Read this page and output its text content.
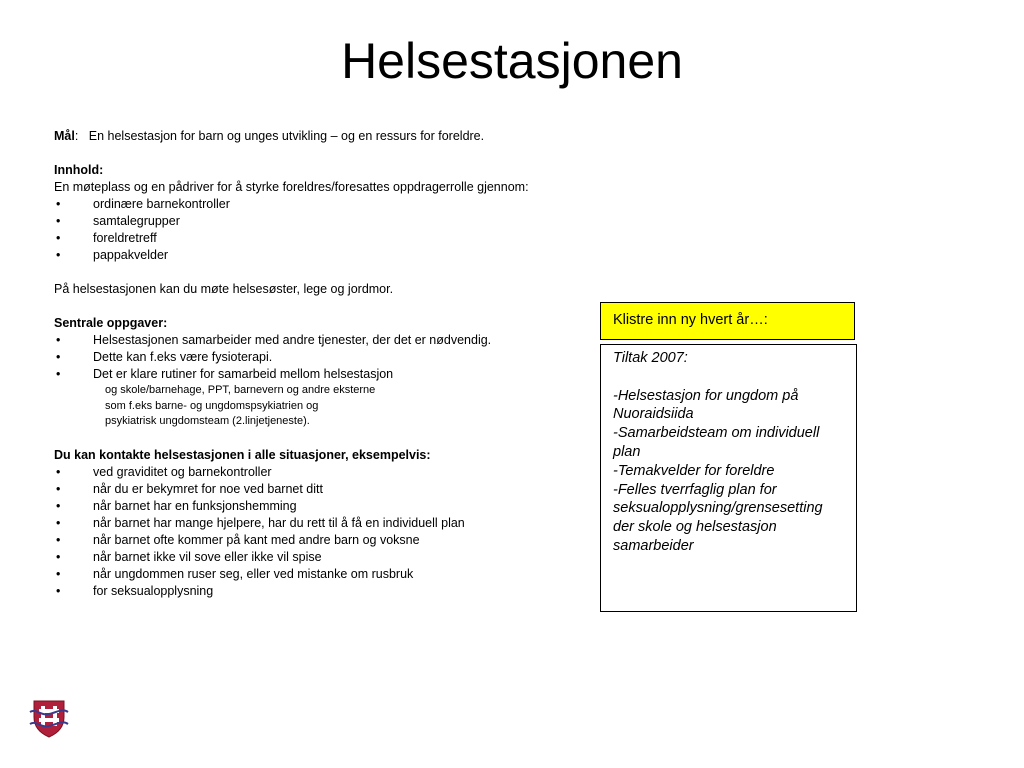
Helsestasjonen
Mål: En helsestasjon for barn og unges utvikling – og en ressurs for foreldre.
Innhold:
En møteplass og en pådriver for å styrke foreldres/foresattes oppdragerrolle gjennom:
•	ordinære barnekontroller
•	samtalegrupper
•	foreldretreff
•	pappakvelder
På helsestasjonen kan du møte helsesøster, lege og jordmor.
Sentrale oppgaver:
•	Helsestasjonen samarbeider med andre tjenester, der det er nødvendig.
•	Dette kan f.eks være fysioterapi.
•	Det er klare rutiner for samarbeid mellom helsestasjon
og skole/barnehage, PPT, barnevern og andre eksterne
som f.eks barne- og ungdomspsykiatrien og
psykiatrisk ungdomsteam (2.linjetjeneste).
Du kan kontakte helsestasjonen i alle situasjoner, eksempelvis:
•	ved graviditet og barnekontroller
•	når du er bekymret for noe ved barnet ditt
•	når barnet har en funksjonshemming
•	når barnet har mange hjelpere, har du rett til å få en individuell plan
•	når barnet ofte kommer på kant med andre barn og voksne
•	når barnet ikke vil sove eller ikke vil spise
•	når ungdommen ruser seg, eller ved mistanke om rusbruk
•	for seksualopplysning
Klistre inn ny hvert år…:
Tiltak 2007:
-Helsestasjon for ungdom på
Nuoraidsiida
-Samarbeidsteam om individuell
plan
-Temakvelder for foreldre
-Felles tverrfaglig plan for
seksualopplysning/grensesetting
der skole og helsestasjon
samarbeider
